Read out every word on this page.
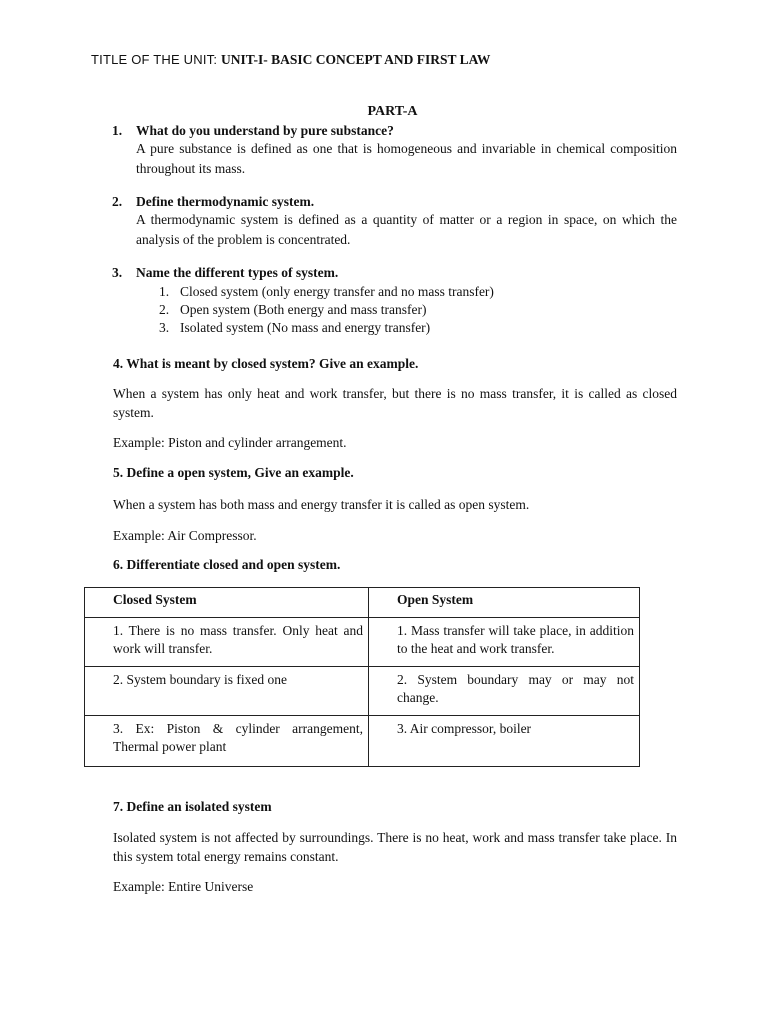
TITLE OF THE UNIT: UNIT-I- BASIC CONCEPT AND FIRST LAW
PART-A
1. What do you understand by pure substance?
A pure substance is defined as one that is homogeneous and invariable in chemical composition throughout its mass.
2. Define thermodynamic system.
A thermodynamic system is defined as a quantity of matter or a region in space, on which the analysis of the problem is concentrated.
3. Name the different types of system.
1. Closed system (only energy transfer and no mass transfer)
2. Open system (Both energy and mass transfer)
3. Isolated system (No mass and energy transfer)
4. What is meant by closed system? Give an example.
When a system has only heat and work transfer, but there is no mass transfer, it is called as closed system.
Example: Piston and cylinder arrangement.
5. Define a open system, Give an example.
When a system has both mass and energy transfer it is called as open system.
Example: Air Compressor.
6. Differentiate closed and open system.
Closed System	Open System
1. There is no mass transfer. Only heat and work will transfer.	1. Mass transfer will take place, in addition to the heat and work transfer.
2. System boundary is fixed one	2. System boundary may or may not change.
3. Ex: Piston & cylinder arrangement, Thermal power plant	3. Air compressor, boiler
7. Define an isolated system
Isolated system is not affected by surroundings. There is no heat, work and mass transfer take place. In this system total energy remains constant.
Example: Entire Universe
